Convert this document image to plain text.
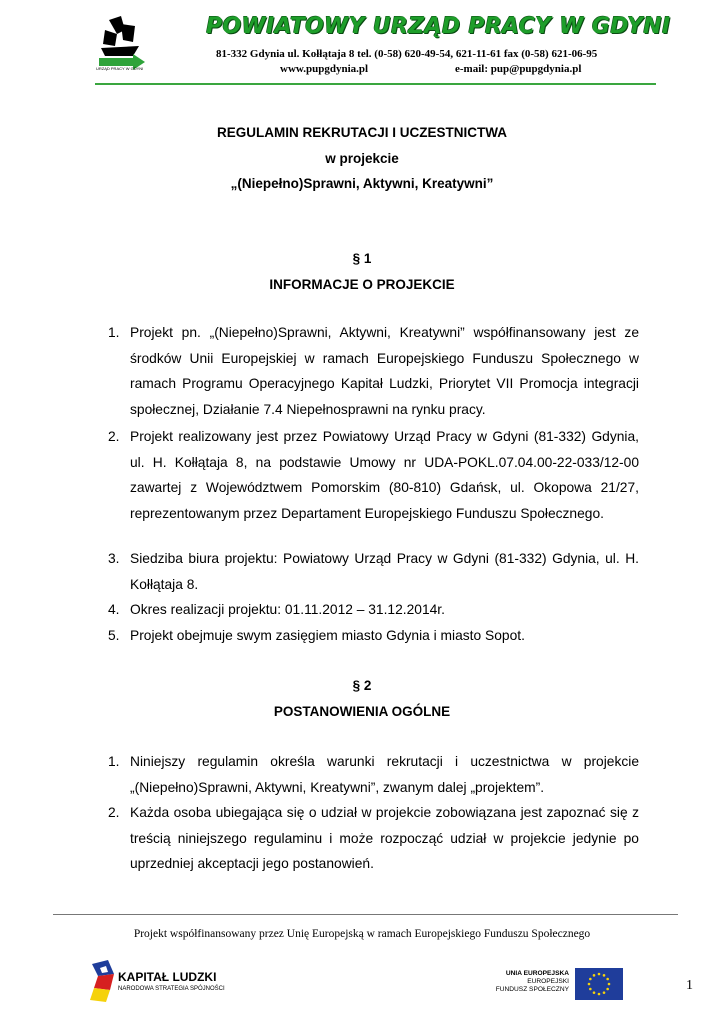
URZĄD PRACY W GDYNI
POWIATOWY URZĄD PRACY W GDYNI
81-332 Gdynia ul. Kołłątaja 8 tel. (0-58) 620-49-54, 621-11-61 fax (0-58) 621-06-95
www.pupgdynia.pl	e-mail: pup@pupgdynia.pl
REGULAMIN REKRUTACJI I UCZESTNICTWA
w projekcie
„(Niepełno)Sprawni, Aktywni, Kreatywni”
§ 1
INFORMACJE O PROJEKCIE
1. Projekt pn. „(Niepełno)Sprawni, Aktywni, Kreatywni” współfinansowany jest ze środków Unii Europejskiej w ramach Europejskiego Funduszu Społecznego w ramach Programu Operacyjnego Kapitał Ludzki, Priorytet VII Promocja integracji społecznej, Działanie 7.4 Niepełnosprawni na rynku pracy.
2. Projekt realizowany jest przez Powiatowy Urząd Pracy w Gdyni (81-332) Gdynia, ul. H. Kołłątaja 8, na podstawie Umowy nr UDA-POKL.07.04.00-22-033/12-00 zawartej z Województwem Pomorskim (80-810) Gdańsk, ul. Okopowa 21/27, reprezentowanym przez Departament Europejskiego Funduszu Społecznego.
3. Siedziba biura projektu: Powiatowy Urząd Pracy w Gdyni (81-332) Gdynia, ul. H. Kołłątaja 8.
4. Okres realizacji projektu: 01.11.2012 – 31.12.2014r.
5. Projekt obejmuje swym zasięgiem miasto Gdynia i miasto Sopot.
§ 2
POSTANOWIENIA OGÓLNE
1. Niniejszy regulamin określa warunki rekrutacji i uczestnictwa w projekcie „(Niepełno)Sprawni, Aktywni, Kreatywni”, zwanym dalej „projektem”.
2. Każda osoba ubiegająca się o udział w projekcie zobowiązana jest zapoznać się z treścią niniejszego regulaminu i może rozpocząć udział w projekcie jedynie po uprzedniej akceptacji jego postanowień.
Projekt współfinansowany przez Unię Europejską w ramach Europejskiego Funduszu Społecznego
KAPITAŁ LUDZKI
NARODOWA STRATEGIA SPÓJNOŚCI
UNIA EUROPEJSKA
EUROPEJSKI
FUNDUSZ SPOŁECZNY	1
